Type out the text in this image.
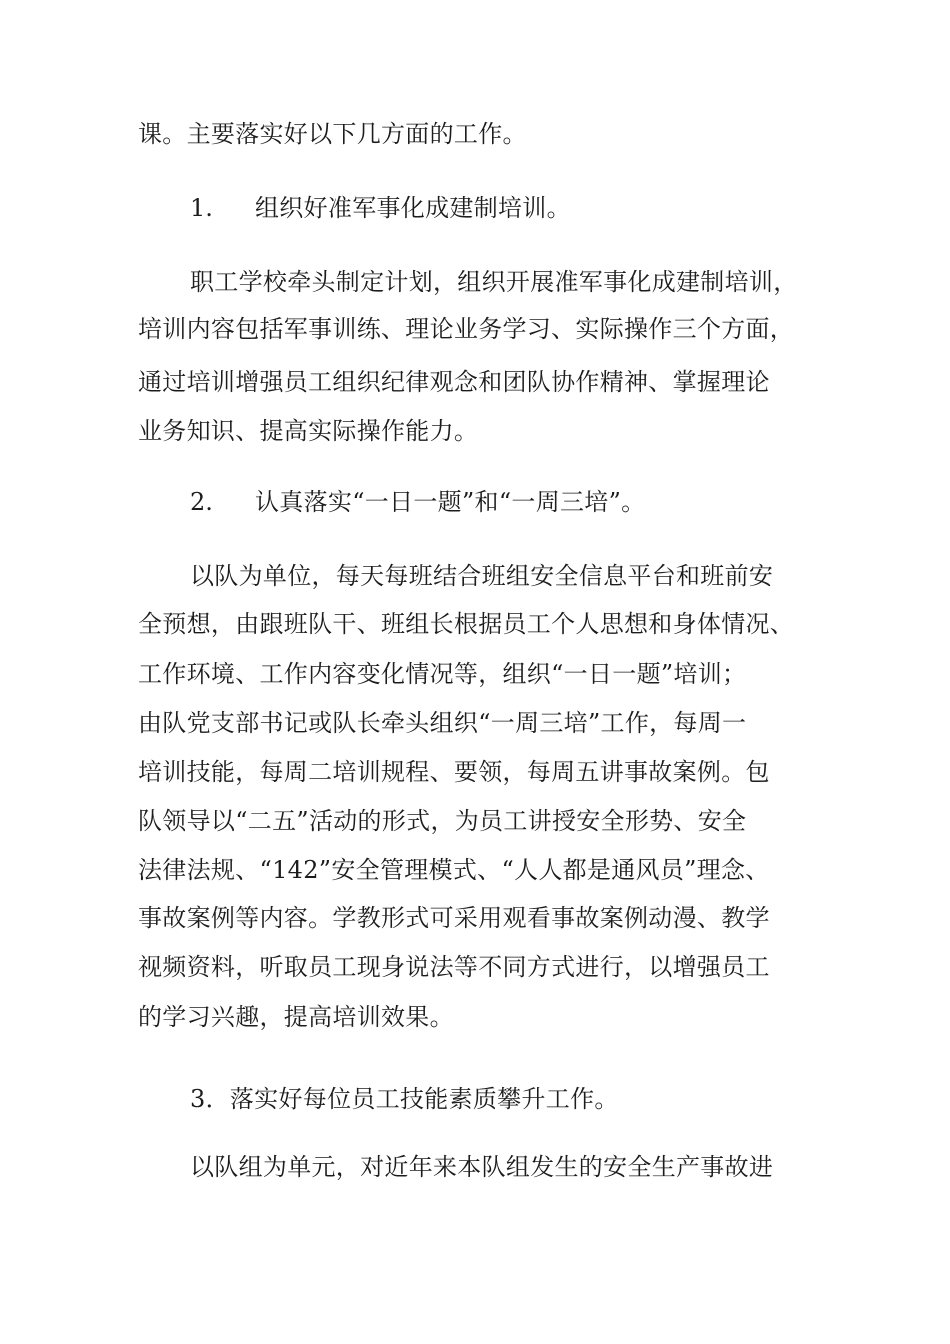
课。主要落实好以下几方面的工作。
1. 组织好准军事化成建制培训。
职工学校牵头制定计划，组织开展准军事化成建制培训，
培训内容包括军事训练、理论业务学习、实际操作三个方面，
通过培训增强员工组织纪律观念和团队协作精神、掌握理论
业务知识、提高实际操作能力。
2. 认真落实“一日一题”和“一周三培”。
以队为单位，每天每班结合班组安全信息平台和班前安
全预想，由跟班队干、班组长根据员工个人思想和身体情况、
工作环境、工作内容变化情况等，组织“一日一题”培训；
由队党支部书记或队长牵头组织“一周三培”工作，每周一
培训技能，每周二培训规程、要领，每周五讲事故案例。包
队领导以“二五”活动的形式，为员工讲授安全形势、安全
法律法规、“142”安全管理模式、“人人都是通风员”理念、
事故案例等内容。学教形式可采用观看事故案例动漫、教学
视频资料，听取员工现身说法等不同方式进行，以增强员工
的学习兴趣，提高培训效果。
3．落实好每位员工技能素质攀升工作。
以队组为单元，对近年来本队组发生的安全生产事故进
